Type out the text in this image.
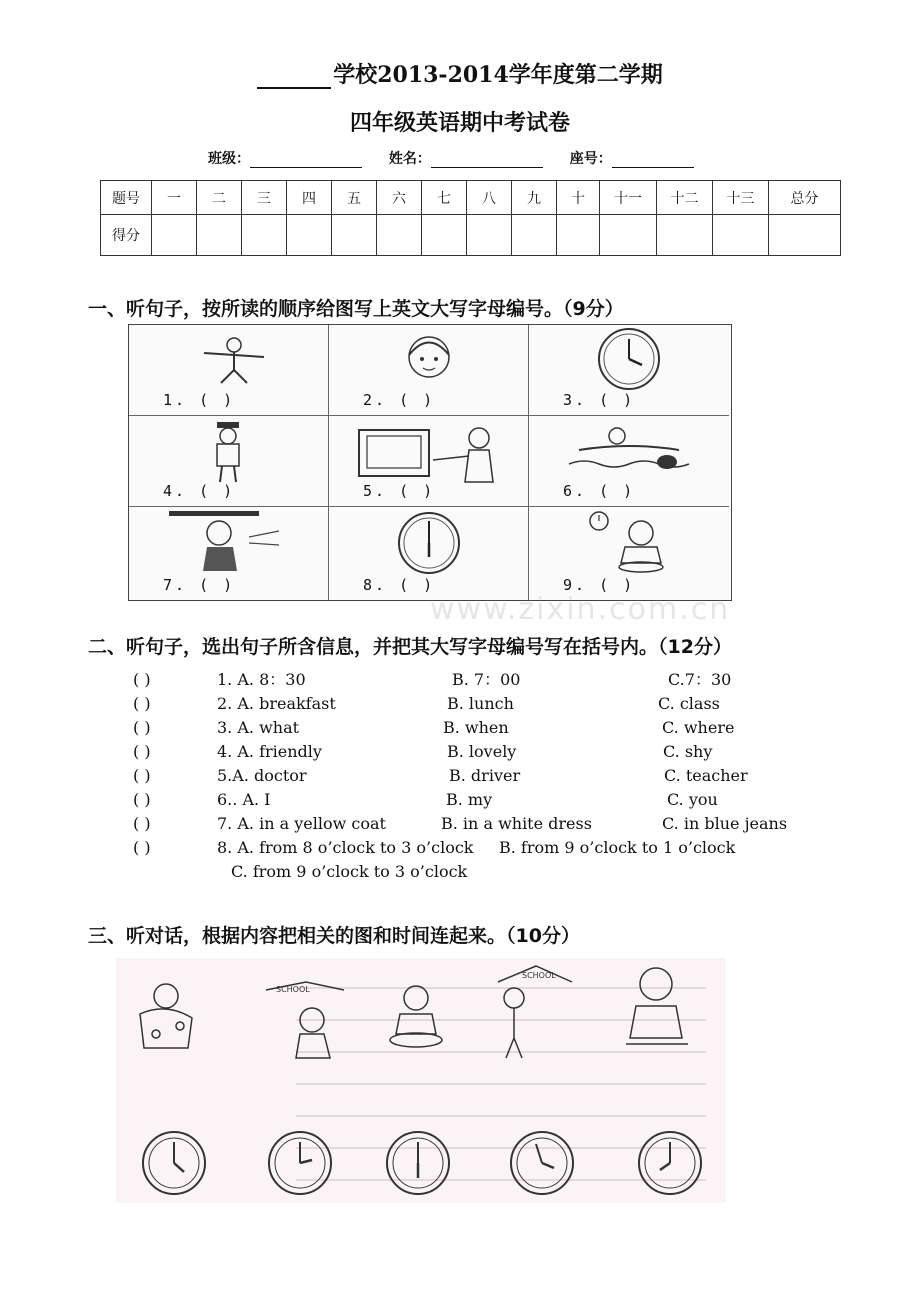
学校2013-2014学年度第二学期
四年级英语期中考试卷
班级：	姓名：	座号：
题号	一	二	三	四	五	六	七	八	九	十	十一	十二	十三	总分
得分														
一、听句子，按所读的顺序给图写上英文大写字母编号。（9分）
1. ( )	2. ( )	3. ( )
4. ( )	5. ( )	6. ( )
7. ( )	8. ( )	9. ( )
www.zixin.com.cn
二、听句子，选出句子所含信息，并把其大写字母编号写在括号内。（12分）
( )	1. A. 8：30	B. 7：00	C.7：30
( )	2. A. breakfast	B. lunch	C. class
( )	3. A. what	B. when	C. where
( )	4. A. friendly	B. lovely	C. shy
( )	5.A. doctor	B. driver	C. teacher
( )	6.. A. I	B. my	C. you
( )	7. A. in a yellow coat	B. in a white dress	C. in blue jeans
( )	8. A. from 8 o’clock to 3 o’clock B. from 9 o’clock to 1 o’clock
C. from 9 o’clock to 3 o’clock
三、听对话，根据内容把相关的图和时间连起来。（10分）
SCHOOL
SCHOOL
